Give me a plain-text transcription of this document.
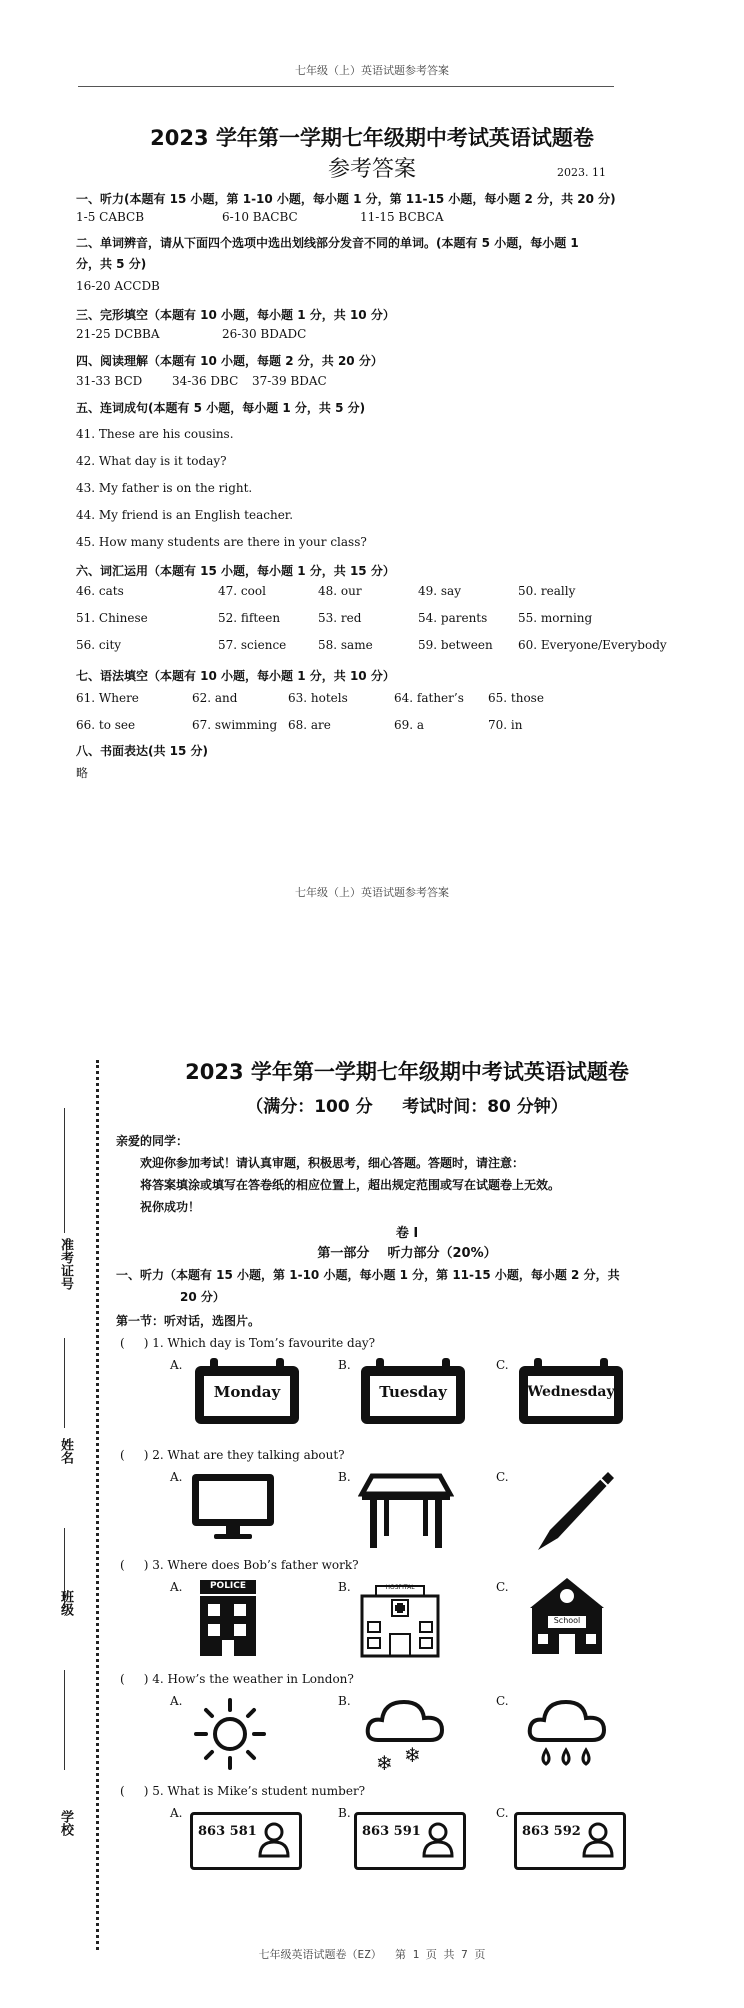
七年级（上）英语试题参考答案
2023 学年第一学期七年级期中考试英语试题卷
参考答案	2023. 11
一、听力(本题有 15 小题，第 1-10 小题，每小题 1 分，第 11-15 小题，每小题 2 分，共 20 分)
1-5 CABCB	6-10 BACBC	11-15 BCBCA
二、单词辨音，请从下面四个选项中选出划线部分发音不同的单词。(本题有 5 小题，每小题 1
分，共 5 分)
16-20 ACCDB
三、完形填空（本题有 10 小题，每小题 1 分，共 10 分）
21-25 DCBBA	26-30 BDADC
四、阅读理解（本题有 10 小题，每题 2 分，共 20 分）
31-33 BCD 34-36 DBC 37-39 BDAC
五、连词成句(本题有 5 小题，每小题 1 分，共 5 分)
41. These are his cousins.
42. What day is it today?
43. My father is on the right.
44. My friend is an English teacher.
45. How many students are there in your class?
六、词汇运用（本题有 15 小题，每小题 1 分，共 15 分）
46. cats	47. cool	48. our	49. say	50. really
51. Chinese	52. fifteen	53. red	54. parents	55. morning
56. city	57. science	58. same	59. between 60. Everyone/Everybody
七、语法填空（本题有 10 小题，每小题 1 分，共 10 分）
61. Where	62. and	63. hotels	64. father’s 65. those
66. to see	67. swimming 68. are	69. a	70. in
八、书面表达(共 15 分)
略
七年级（上）英语试题参考答案
准考证号
姓名
班级
学校
2023 学年第一学期七年级期中考试英语试题卷
（满分：100 分     考试时间：80 分钟）
亲爱的同学：
欢迎你参加考试！请认真审题，积极思考，细心答题。答题时，请注意：
将答案填涂或填写在答卷纸的相应位置上，超出规定范围或写在试题卷上无效。
祝你成功！
卷 I
第一部分    听力部分（20%）
一、听力（本题有 15 小题，第 1-10 小题，每小题 1 分，第 11-15 小题，每小题 2 分，共
20 分）
第一节：听对话，选图片。
(     ) 1. Which day is Tom’s favourite day?
A.	B.	C.
Monday	Tuesday	Wednesday
(     ) 2. What are they talking about?
A.	B.	C.
(     ) 3. Where does Bob’s father work?
A.	B.	C.
POLICE	HOSPITAL
School
(     ) 4. How’s the weather in London?
A.	B.	C.
❄ ❄
(     ) 5. What is Mike’s student number?
A.	B.	C.
863 581	863 591	863 592
七年级英语试题卷（EZ）  第 1 页 共 7 页
